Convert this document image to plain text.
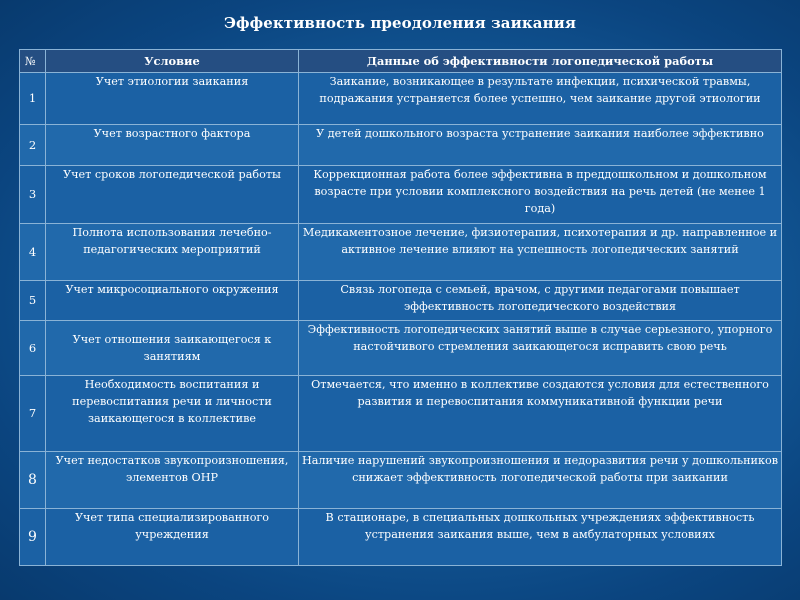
Эффективность преодоления заикания
№	Условие	Данные об эффективности логопедической работы
1	Учет этиологии заикания	Заикание, возникающее в результате инфекции, психической травмы, подражания устраняется более успешно, чем заикание другой этиологии
2	Учет возрастного фактора	У детей дошкольного возраста устранение заикания наиболее эффективно
3	Учет сроков логопедической работы	Коррекционная работа более эффективна в преддошкольном и дошкольном возрасте при условии комплексного воздействия на речь детей (не менее 1 года)
4	Полнота использования лечебно-педагогических мероприятий	Медикаментозное лечение, физиотерапия, психотерапия и др. направленное и активное лечение влияют на успешность логопедических занятий
5	Учет микросоциального окружения	Связь логопеда с семьей, врачом, с другими педагогами повышает эффективность логопедического воздействия
6	Учет отношения заикающегося к занятиям	Эффективность логопедических занятий выше в случае серьезного, упорного настойчивого стремления заикающегося исправить свою речь
7	Необходимость воспитания и перевоспитания речи и личности заикающегося в коллективе	Отмечается, что именно в коллективе создаются условия для естественного развития и перевоспитания коммуникативной функции речи
8	Учет недостатков звукопроизношения, элементов ОНР	Наличие нарушений звукопроизношения и недоразвития речи у дошкольников снижает эффективность логопедической работы при заикании
9	Учет типа специализированного учреждения	В стационаре, в специальных дошкольных учреждениях эффективность устранения заикания выше, чем в амбулаторных условиях
